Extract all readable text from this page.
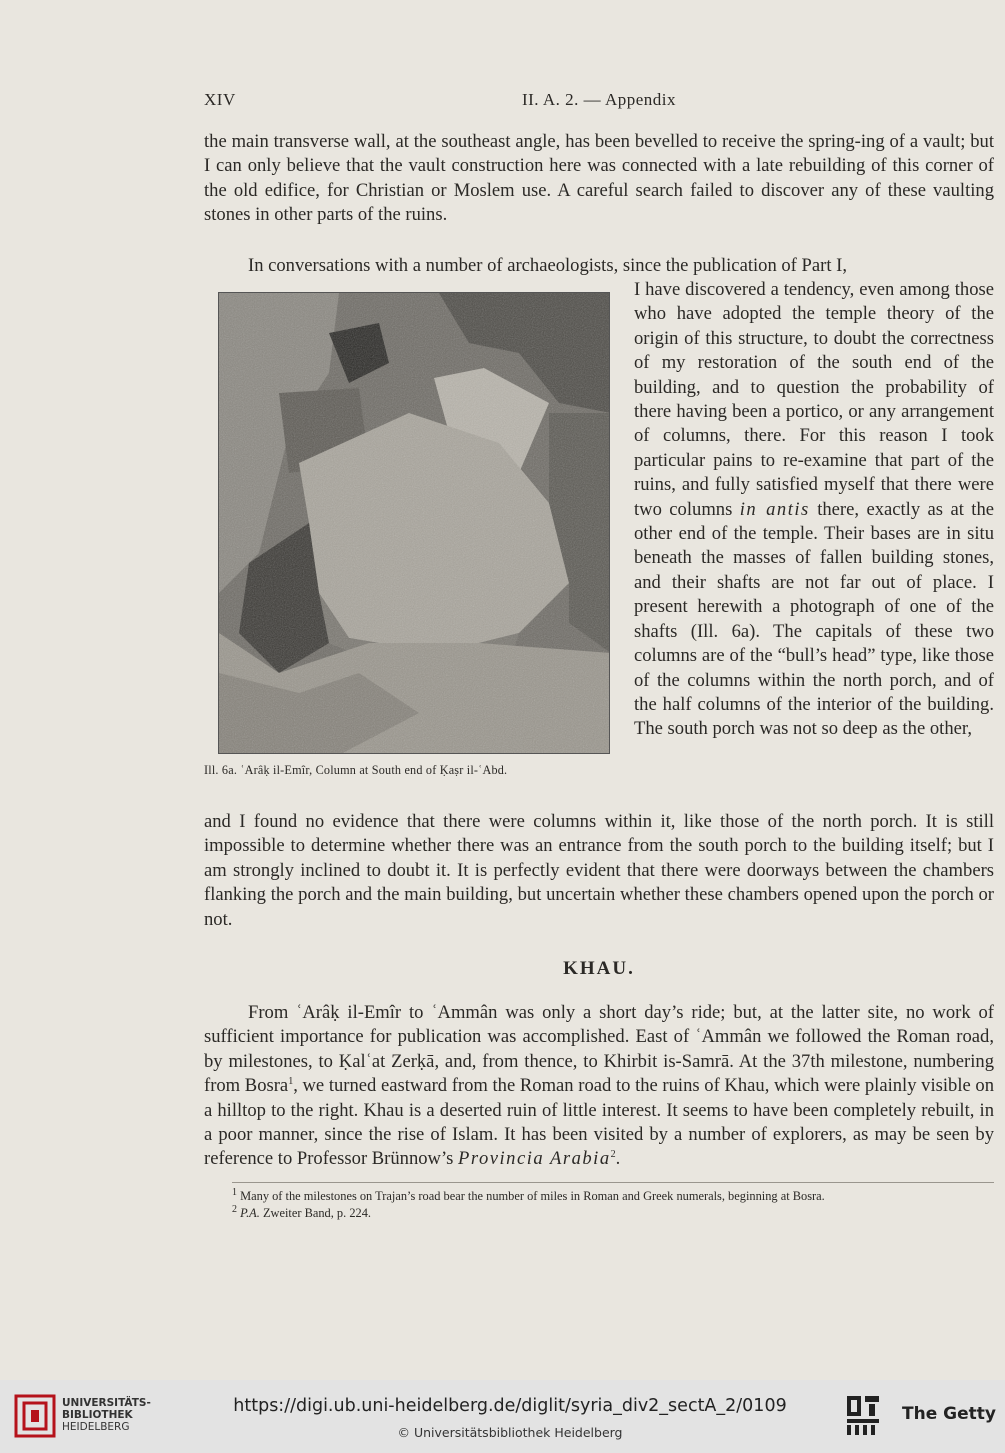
XIV	II. A. 2. — Appendix

the main transverse wall, at the southeast angle, has been bevelled to receive the spring-ing of a vault; but I can only believe that the vault construction here was connected with a late rebuilding of this corner of the old edifice, for Christian or Moslem use. A careful search failed to discover any of these vaulting stones in other parts of the ruins.

In conversations with a number of archaeologists, since the publication of Part I,

Ill. 6a. ʿArâḳ il-Emîr, Column at South end of Ḳaṣr il-ʿAbd.

I have discovered a tendency, even among those who have adopted the temple theory of the origin of this structure, to doubt the correctness of my restoration of the south end of the building, and to question the probability of there having been a portico, or any arrangement of columns, there. For this reason I took particular pains to re-examine that part of the ruins, and fully satisfied myself that there were two columns in antis there, exactly as at the other end of the temple. Their bases are in situ beneath the masses of fallen building stones, and their shafts are not far out of place. I present herewith a photograph of one of the shafts (Ill. 6a). The capitals of these two columns are of the “bull’s head” type, like those of the columns within the north porch, and of the half columns of the interior of the building. The south porch was not so deep as the other,

and I found no evidence that there were columns within it, like those of the north porch. It is still impossible to determine whether there was an entrance from the south porch to the building itself; but I am strongly inclined to doubt it. It is perfectly evident that there were doorways between the chambers flanking the porch and the main building, but uncertain whether these chambers opened upon the porch or not.

KHAU.

From ʿArâḳ il-Emîr to ʿAmmân was only a short day’s ride; but, at the latter site, no work of sufficient importance for publication was accomplished. East of ʿAmmân we followed the Roman road, by milestones, to Ḳalʿat Zerḳā, and, from thence, to Khirbit is-Samrā. At the 37th milestone, numbering from Bosra$^1$, we turned eastward from the Roman road to the ruins of Khau, which were plainly visible on a hilltop to the right. Khau is a deserted ruin of little interest. It seems to have been completely rebuilt, in a poor manner, since the rise of Islam. It has been visited by a number of explorers, as may be seen by reference to Professor Brünnow’s Provincia Arabia$^2$.

$^1$ Many of the milestones on Trajan’s road bear the number of miles in Roman and Greek numerals, beginning at Bosra.
$^2$ P.A. Zweiter Band, p. 224.
UNIVERSITÄTS-
BIBLIOTHEK
HEIDELBERG
https://digi.ub.uni-heidelberg.de/diglit/syria_div2_sectA_2/0109
© Universitätsbibliothek Heidelberg
The Getty
